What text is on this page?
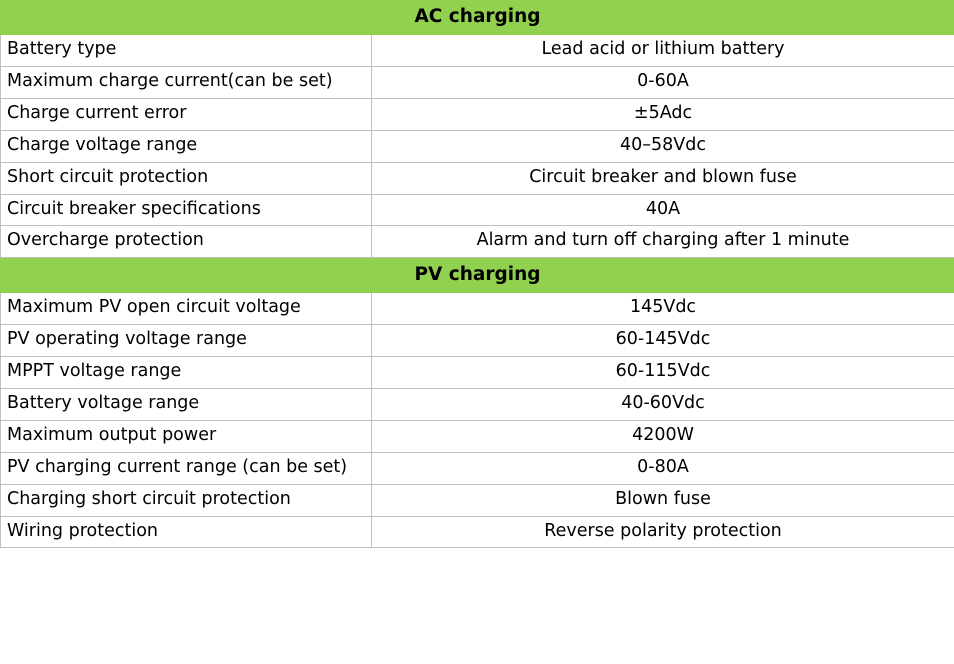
AC charging	
Battery type	Lead acid or lithium battery
Maximum charge current(can be set)	0-60A
Charge current error	±5Adc
Charge voltage range	40–58Vdc
Short circuit protection	Circuit breaker and blown fuse
Circuit breaker specifications	40A
Overcharge protection	Alarm and turn off charging after 1 minute
PV charging	
Maximum PV open circuit voltage	145Vdc
PV operating voltage range	60-145Vdc
MPPT voltage range	60-115Vdc
Battery voltage range	40-60Vdc
Maximum output power	4200W
PV charging current range (can be set)	0-80A
Charging short circuit protection	Blown fuse
Wiring protection	Reverse polarity protection
